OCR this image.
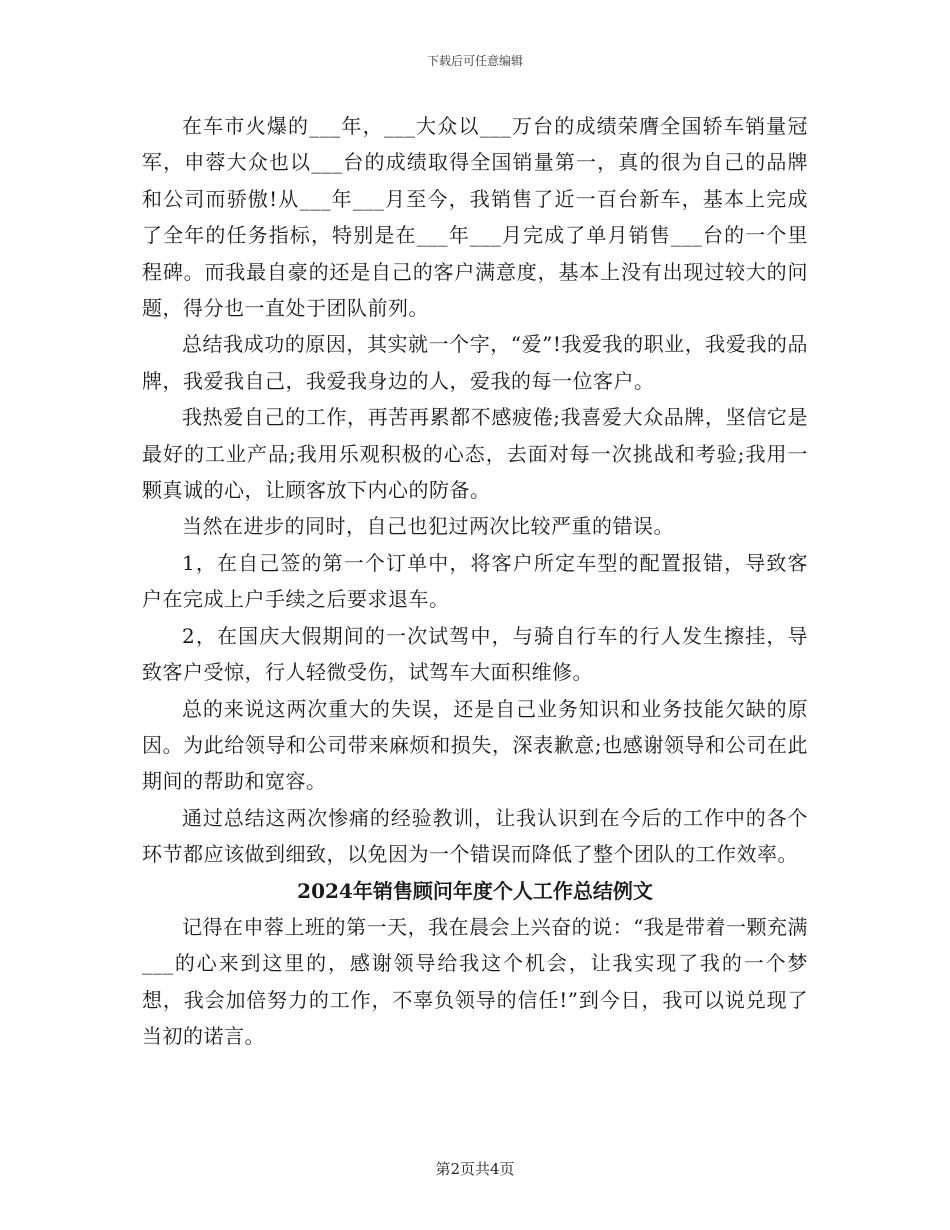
下载后可任意编辑

在车市火爆的___年，___大众以___万台的成绩荣膺全国轿车销量冠军，申蓉大众也以___台的成绩取得全国销量第一，真的很为自己的品牌和公司而骄傲!从___年___月至今，我销售了近一百台新车，基本上完成了全年的任务指标，特别是在___年___月完成了单月销售___台的一个里程碑。而我最自豪的还是自己的客户满意度，基本上没有出现过较大的问题，得分也一直处于团队前列。

总结我成功的原因，其实就一个字，“爱”!我爱我的职业，我爱我的品牌，我爱我自己，我爱我身边的人，爱我的每一位客户。

我热爱自己的工作，再苦再累都不感疲倦;我喜爱大众品牌，坚信它是最好的工业产品;我用乐观积极的心态，去面对每一次挑战和考验;我用一颗真诚的心，让顾客放下内心的防备。

当然在进步的同时，自己也犯过两次比较严重的错误。

1，在自己签的第一个订单中，将客户所定车型的配置报错，导致客户在完成上户手续之后要求退车。

2，在国庆大假期间的一次试驾中，与骑自行车的行人发生擦挂，导致客户受惊，行人轻微受伤，试驾车大面积维修。

总的来说这两次重大的失误，还是自己业务知识和业务技能欠缺的原因。为此给领导和公司带来麻烦和损失，深表歉意;也感谢领导和公司在此期间的帮助和宽容。

通过总结这两次惨痛的经验教训，让我认识到在今后的工作中的各个环节都应该做到细致，以免因为一个错误而降低了整个团队的工作效率。

2024年销售顾问年度个人工作总结例文

记得在申蓉上班的第一天，我在晨会上兴奋的说：“我是带着一颗充满___的心来到这里的，感谢领导给我这个机会，让我实现了我的一个梦想，我会加倍努力的工作，不辜负领导的信任!”到今日，我可以说兑现了当初的诺言。

第2页共4页
